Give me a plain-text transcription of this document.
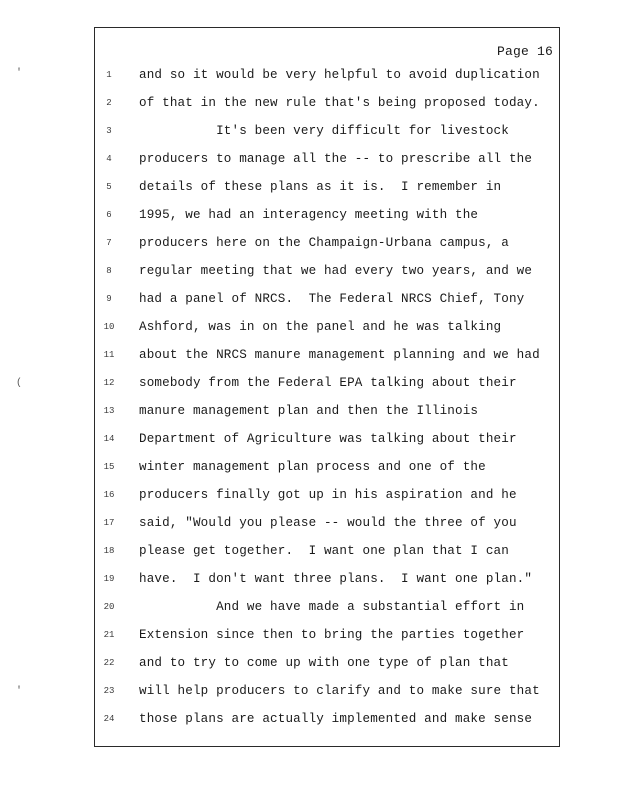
'
(
'
Page 16
1	and so it would be very helpful to avoid duplication
2	of that in the new rule that's being proposed today.
3	It's been very difficult for livestock
4	producers to manage all the -- to prescribe all the
5	details of these plans as it is.  I remember in
6	1995, we had an interagency meeting with the
7	producers here on the Champaign-Urbana campus, a
8	regular meeting that we had every two years, and we
9	had a panel of NRCS.  The Federal NRCS Chief, Tony
10	Ashford, was in on the panel and he was talking
11	about the NRCS manure management planning and we had
12	somebody from the Federal EPA talking about their
13	manure management plan and then the Illinois
14	Department of Agriculture was talking about their
15	winter management plan process and one of the
16	producers finally got up in his aspiration and he
17	said, "Would you please -- would the three of you
18	please get together.  I want one plan that I can
19	have.  I don't want three plans.  I want one plan."
20	And we have made a substantial effort in
21	Extension since then to bring the parties together
22	and to try to come up with one type of plan that
23	will help producers to clarify and to make sure that
24	those plans are actually implemented and make sense
